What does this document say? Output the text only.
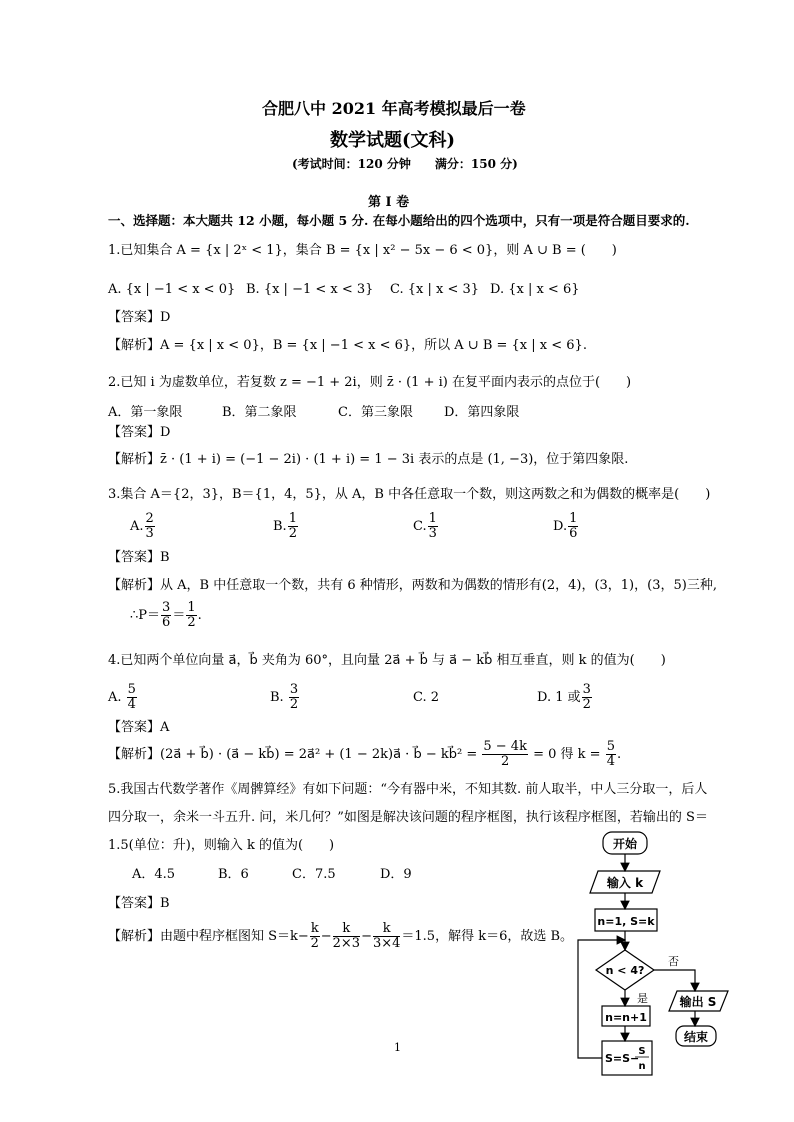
合肥八中 2021 年高考模拟最后一卷
数学试题(文科)
(考试时间：120 分钟　　满分：150 分)
第 I 卷
一、选择题：本大题共 12 小题，每小题 5 分. 在每小题给出的四个选项中，只有一项是符合题目要求的.
1.已知集合 A = {x | 2ˣ < 1}，集合 B = {x | x² − 5x − 6 < 0}，则 A ∪ B = (　　)
A. {x | −1 < x < 0} B. {x | −1 < x < 3} C. {x | x < 3} D. {x | x < 6}
【答案】D
【解析】A = {x | x < 0}，B = {x | −1 < x < 6}，所以 A ∪ B = {x | x < 6}.
2.已知 i 为虚数单位，若复数 z = −1 + 2i，则 z̄ · (1 + i) 在复平面内表示的点位于(　　)
A．第一象限	B．第二象限	C．第三象限 D．第四象限
【答案】D
【解析】z̄ · (1 + i) = (−1 − 2i) · (1 + i) = 1 − 3i 表示的点是 (1, −3)，位于第四象限.
3.集合 A＝{2，3}，B＝{1，4，5}，从 A，B 中各任意取一个数，则这两数之和为偶数的概率是(　　)
A. $\frac{2}{3}$	B. $\frac{1}{2}$	C. $\frac{1}{3}$	D. $\frac{1}{6}$
【答案】B
【解析】从 A，B 中任意取一个数，共有 6 种情形，两数和为偶数的情形有(2，4)，(3，1)，(3，5)三种,
∴P＝ $\frac{3}{6} = \frac{1}{2}$ .
4.已知两个单位向量 a⃗，b⃗ 夹角为 60°，且向量 2a⃗ + b⃗ 与 a⃗ − kb⃗ 相互垂直，则 k 的值为(　　)
A. $\frac{5}{4}$	B. $\frac{3}{2}$	C. 2	D. 1 或 $\frac{3}{2}$
【答案】A
【解析】(2a⃗ + b⃗) · (a⃗ − kb⃗) = 2a⃗² + (1 − 2k)a⃗ · b⃗ − kb⃗² = $\frac{5 - 4k}{2} = 0$ 得 $k = \frac{5}{4}$ .
5.我国古代数学著作《周髀算经》有如下问题：“今有器中米，不知其数. 前人取半，中人三分取一，后人
四分取一，余米一斗五升. 问，米几何？”如图是解决该问题的程序框图，执行该程序框图，若输出的 S＝
1.5(单位：升)，则输入 k 的值为(　　)
A．4.5	B．6	C．7.5	D．9
【答案】B
【解析】由题中程序框图知 $S=k- \frac{k}{2} - \frac{k}{2\times 3} - \frac{k}{3\times 4} =1.5$，解得 k＝6，故选 B。
开始
输入 k
n=1, S=k
n < 4?
否
是	输出 S
结束
n=n+1
S=S−
S
n
1
